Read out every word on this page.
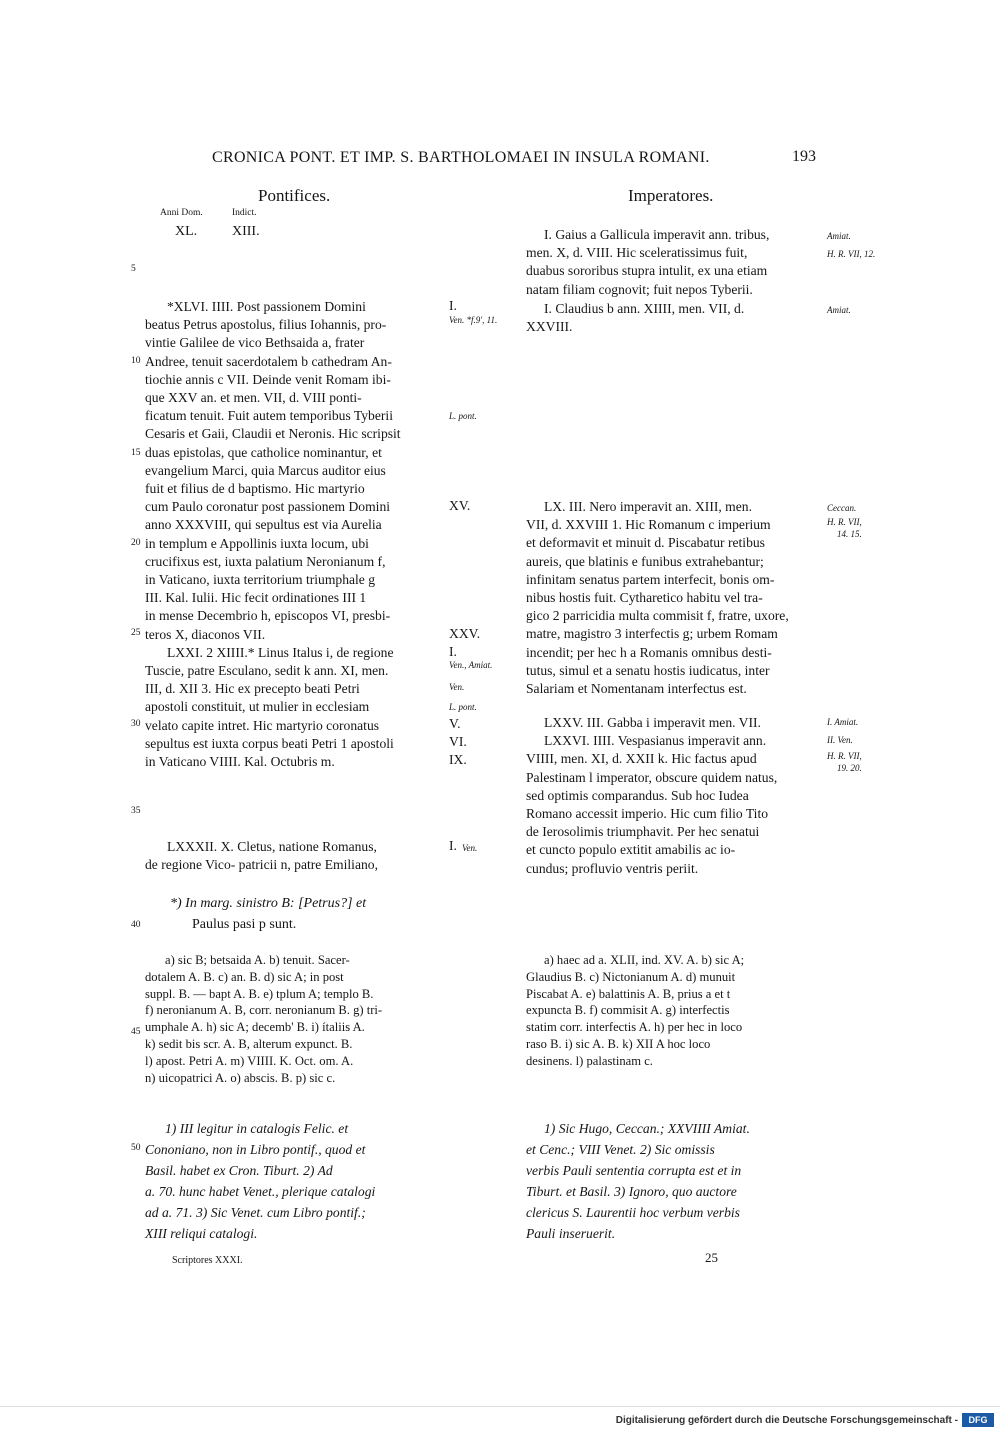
CRONICA PONT. ET IMP. S. BARTHOLOMAEI IN INSULA ROMANI.	193
Pontifices.	Imperatores.
Anni Dom.	Indict.
XL. XIII.
5
10
15
20
25
30
35
40
45
50
*XLVI. IIII. Post passionem Domini
beatus Petrus apostolus, filius Iohannis, pro-
vintie Galilee de vico Bethsaida a, frater
Andree, tenuit sacerdotalem b cathedram An-
tiochie annis c VII. Deinde venit Romam ibi-
que XXV an. et men. VII, d. VIII ponti-
ficatum tenuit. Fuit autem temporibus Tyberii
Cesaris et Gaii, Claudii et Neronis. Hic scripsit
duas epistolas, que catholice nominantur, et
evangelium Marci, quia Marcus auditor eius
fuit et filius de d baptismo. Hic martyrio
cum Paulo coronatur post passionem Domini
anno XXXVIII, qui sepultus est via Aurelia
in templum e Appollinis iuxta locum, ubi
crucifixus est, iuxta palatium Neronianum f,
in Vaticano, iuxta territorium triumphale g
III. Kal. Iulii. Hic fecit ordinationes III 1
in mense Decembrio h, episcopos VI, presbi-
teros X, diaconos VII.
LXXI. 2 XIIII.* Linus Italus i, de regione
Tuscie, patre Esculano, sedit k ann. XI, men.
III, d. XII 3. Hic ex precepto beati Petri
apostoli constituit, ut mulier in ecclesiam
velato capite intret. Hic martyrio coronatus
sepultus est iuxta corpus beati Petri 1 apostoli
in Vaticano VIIII. Kal. Octubris m.
LXXXII. X. Cletus, natione Romanus,
de regione Vico- patricii n, patre Emiliano,
I.
Ven. *f.9', 11.
L. pont.
XV.
XXV.
I.
Ven., Amiat.
Ven.
L. pont.
V.
VI.
IX.
I. Ven.
I. Gaius a Gallicula imperavit ann. tribus,
men. X, d. VIII. Hic sceleratissimus fuit,
duabus sororibus stupra intulit, ex una etiam
natam filiam cognovit; fuit nepos Tyberii.
I. Claudius b ann. XIIII, men. VII, d.
XXVIII.
LX. III. Nero imperavit an. XIII, men.
VII, d. XXVIII 1. Hic Romanum c imperium
et deformavit et minuit d. Piscabatur retibus
aureis, que blatinis e funibus extrahebantur;
infinitam senatus partem interfecit, bonis om-
nibus hostis fuit. Cythareticο habitu vel tra-
gico 2 parricidia multa commisit f, fratre, uxore,
matre, magistro 3 interfectis g; urbem Romam
incendit; per hec h a Romanis omnibus desti-
tutus, simul et a senatu hostis iudicatus, inter
Salariam et Nomentanam interfectus est.
LXXV. III. Gabba i imperavit men. VII.
LXXVI. IIII. Vespasianus imperavit ann.
VIIII, men. XI, d. XXII k. Hic factus apud
Palestinam l imperator, obscure quidem natus,
sed optimis comparandus. Sub hoc Iudea
Romano accessit imperio. Hic cum filio Tito
de Ierosolimis triumphavit. Per hec senatui
et cuncto populo extitit amabilis ac io-
cundus; profluvio ventris periit.
Amiat.
H. R. VII, 12.
Amiat.
Ceccan.
H. R. VII,
14. 15.
I. Amiat.
II. Ven.
H. R. VII,
19. 20.
*) In marg. sinistro B: [Petrus?] et
Paulus pasi p sunt.
a) sic B; betsaida A. b) tenuit. Sacer-
dotalem A. B. c) an. B. d) sic A; in post
suppl. B. — bapt A. B. e) tplum A; templo B.
f) neronianum A. B, corr. neronianum B. g) tri-
umphale A. h) sic A; decemb' B. i) ítaliis A.
k) sedit bis scr. A. B, alterum expunct. B.
l) apost. Petri A. m) VIIII. K. Oct. om. A.
n) uicopatrici A. o) abscis. B. p) sic c.
a) haec ad a. XLII, ind. XV. A. b) sic A;
Glaudius B. c) Nictonianum A. d) munuit
Piscabat A. e) balattinis A. B, prius a et t
expuncta B. f) commisit A. g) interfectis
statim corr. interfectis A. h) per hec in loco
raso B. i) sic A. B. k) XII A hoc loco
desinens. l) palastinam c.
1) III legitur in catalogis Felic. et
Cononiano, non in Libro pontif., quod et
Basil. habet ex Cron. Tiburt. 2) Ad
a. 70. hunc habet Venet., plerique catalogi
ad a. 71. 3) Sic Venet. cum Libro pontif.;
XIII reliqui catalogi.
1) Sic Hugo, Ceccan.; XXVIIII Amiat.
et Cenc.; VIII Venet. 2) Sic omissis
verbis Pauli sententia corrupta est et in
Tiburt. et Basil. 3) Ignoro, quo auctore
clericus S. Laurentii hoc verbum verbis
Pauli inseruerit.
Scriptores XXXI.	25
Digitalisierung gefördert durch die Deutsche Forschungsgemeinschaft -	DFG
